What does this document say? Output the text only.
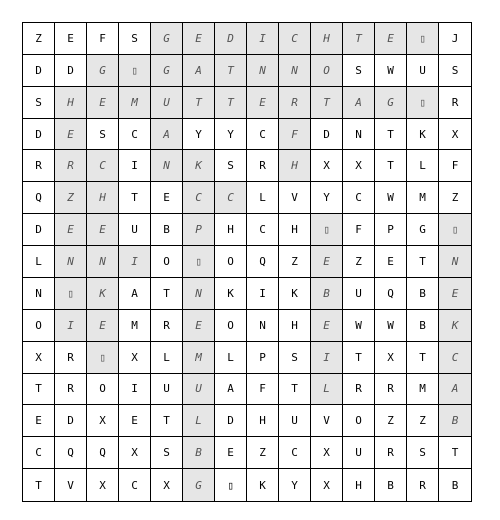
Z	E	F	S	G	E	D	I	C	H	T	E	▯	J
D	D	G	▯	G	A	T	N	N	O	S	W	U	S
S	H	E	M	U	T	T	E	R	T	A	G	▯	R
D	E	S	C	A	Y	Y	C	F	D	N	T	K	X
R	R	C	I	N	K	S	R	H	X	X	T	L	F
Q	Z	H	T	E	C	C	L	V	Y	C	W	M	Z
D	E	E	U	B	P	H	C	H	▯	F	P	G	▯
L	N	N	I	O	▯	O	Q	Z	E	Z	E	T	N
N	▯	K	A	T	N	K	I	K	B	U	Q	B	E
O	I	E	M	R	E	O	N	H	E	W	W	B	K
X	R	▯	X	L	M	L	P	S	I	T	X	T	C
T	R	O	I	U	U	A	F	T	L	R	R	M	A
E	D	X	E	T	L	D	H	U	V	O	Z	Z	B
C	Q	Q	X	S	B	E	Z	C	X	U	R	S	T
T	V	X	C	X	G	▯	K	Y	X	H	B	R	B
